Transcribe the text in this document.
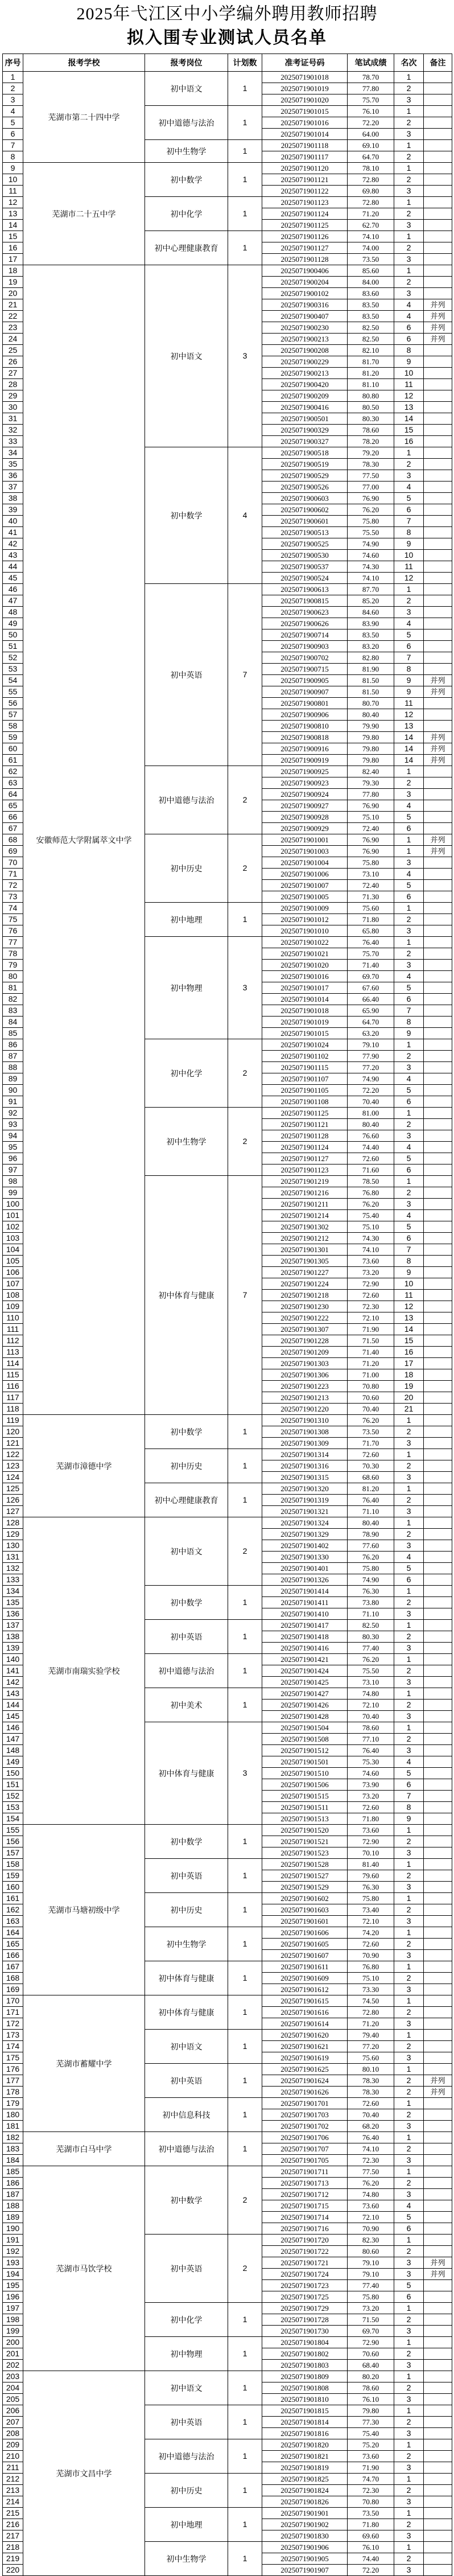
2025年弋江区中小学编外聘用教师招聘
拟入围专业测试人员名单
序号	报考学校	报考岗位	计划数	准考证号码	笔试成绩	名次	备注
1	芜湖市第二十四中学	初中语文	1	2025071901018	78.70	1	
2				2025071901019	77.80	2	
3				2025071901020	75.70	3	
4		初中道德与法治	1	2025071901015	76.10	1	
5				2025071901016	72.20	2	
6				2025071901014	64.00	3	
7		初中生物学	1	2025071901118	69.10	1	
8				2025071901117	64.70	2	
9	芜湖市二十五中学	初中数学	1	2025071901120	78.10	1	
10				2025071901121	72.80	2	
11				2025071901122	69.80	3	
12		初中化学	1	2025071901123	72.80	1	
13				2025071901124	71.20	2	
14				2025071901125	62.70	3	
15		初中心理健康教育	1	2025071901126	74.10	1	
16				2025071901127	74.00	2	
17				2025071901128	73.50	3	
18	安徽师范大学附属萃文中学	初中语文	3	2025071900406	85.60	1	
19				2025071900204	84.00	2	
20				2025071900102	83.60	3	
21				2025071900316	83.50	4	并列
22				2025071900407	83.50	4	并列
23				2025071900230	82.50	6	并列
24				2025071900213	82.50	6	并列
25				2025071900208	82.10	8	
26				2025071900229	81.70	9	
27				2025071900213	81.20	10	
28				2025071900420	81.10	11	
29				2025071900209	80.80	12	
30				2025071900416	80.50	13	
31				2025071900501	80.30	14	
32				2025071900329	78.60	15	
33				2025071900327	78.20	16	
34		初中数学	4	2025071900518	79.20	1	
35				2025071900519	78.30	2	
36				2025071900529	77.50	3	
37				2025071900526	77.00	4	
38				2025071900603	76.90	5	
39				2025071900602	76.20	6	
40				2025071900601	75.80	7	
41				2025071900513	75.50	8	
42				2025071900525	74.90	9	
43				2025071900530	74.60	10	
44				2025071900537	74.30	11	
45				2025071900524	74.10	12	
46		初中英语	7	2025071900613	87.70	1	
47				2025071900815	85.20	2	
48				2025071900623	84.60	3	
49				2025071900626	83.90	4	
50				2025071900714	83.50	5	
51				2025071900903	83.20	6	
52				2025071900702	82.80	7	
53				2025071900715	81.90	8	
54				2025071900905	81.50	9	并列
55				2025071900907	81.50	9	并列
56				2025071900801	80.70	11	
57				2025071900906	80.40	12	
58				2025071900810	79.90	13	
59				2025071900818	79.80	14	并列
60				2025071900916	79.80	14	并列
61				2025071900919	79.80	14	并列
62		初中道德与法治	2	2025071900925	82.40	1	
63				2025071900923	79.30	2	
64				2025071900924	77.80	3	
65				2025071900927	76.90	4	
66				2025071900928	75.10	5	
67				2025071900929	72.40	6	
68		初中历史	2	2025071901001	76.90	1	并列
69				2025071901003	76.90	1	并列
70				2025071901004	75.80	3	
71				2025071901006	73.10	4	
72				2025071901007	72.40	5	
73				2025071901005	71.30	6	
74		初中地理	1	2025071901009	75.60	1	
75				2025071901012	71.80	2	
76				2025071901010	65.80	3	
77		初中物理	3	2025071901022	76.40	1	
78				2025071901021	75.70	2	
79				2025071901020	71.40	3	
80				2025071901016	69.70	4	
81				2025071901017	67.60	5	
82				2025071901014	66.40	6	
83				2025071901018	65.90	7	
84				2025071901019	64.70	8	
85				2025071901015	63.20	9	
86		初中化学	2	2025071901024	79.10	1	
87				2025071901102	77.90	2	
88				2025071901115	77.20	3	
89				2025071901107	74.90	4	
90				2025071901105	72.20	5	
91				2025071901108	70.40	6	
92		初中生物学	2	2025071901125	81.00	1	
93				2025071901121	80.40	2	
94				2025071901128	76.60	3	
95				2025071901124	74.40	4	
96				2025071901127	72.60	5	
97				2025071901123	71.60	6	
98		初中体育与健康	7	2025071901219	78.50	1	
99				2025071901216	76.80	2	
100				2025071901211	76.20	3	
101				2025071901214	75.40	4	
102				2025071901302	75.10	5	
103				2025071901212	74.30	6	
104				2025071901301	74.10	7	
105				2025071901305	73.60	8	
106				2025071901227	73.20	9	
107				2025071901224	72.90	10	
108				2025071901218	72.60	11	
109				2025071901230	72.30	12	
110				2025071901222	72.10	13	
111				2025071901307	71.90	14	
112				2025071901228	71.50	15	
113				2025071901209	71.40	16	
114				2025071901303	71.20	17	
115				2025071901306	71.00	18	
116				2025071901223	70.80	19	
117				2025071901213	70.60	20	
118				2025071901220	70.40	21	
119	芜湖市漳德中学	初中数学	1	2025071901310	76.20	1	
120				2025071901308	73.50	2	
121				2025071901309	71.70	3	
122		初中历史	1	2025071901314	72.60	1	
123				2025071901316	70.30	2	
124				2025071901315	68.60	3	
125		初中心理健康教育	1	2025071901320	81.20	1	
126				2025071901319	76.40	2	
127				2025071901321	71.10	3	
128	芜湖市南瑞实验学校	初中语文	2	2025071901324	80.40	1	
129				2025071901329	78.90	2	
130				2025071901402	77.60	3	
131				2025071901330	76.20	4	
132				2025071901401	75.80	5	
133				2025071901326	74.90	6	
134		初中数学	1	2025071901414	76.30	1	
135				2025071901411	73.80	2	
136				2025071901410	71.10	3	
137		初中英语	1	2025071901417	82.50	1	
138				2025071901418	80.30	2	
139				2025071901416	77.40	3	
140		初中道德与法治	1	2025071901421	76.20	1	
141				2025071901424	75.50	2	
142				2025071901425	73.10	3	
143		初中美术	1	2025071901427	74.80	1	
144				2025071901426	72.10	2	
145				2025071901428	70.40	3	
146		初中体育与健康	3	2025071901504	78.60	1	
147				2025071901508	77.10	2	
148				2025071901512	76.40	3	
149				2025071901501	75.30	4	
150				2025071901510	74.60	5	
151				2025071901506	73.90	6	
152				2025071901515	73.20	7	
153				2025071901511	72.60	8	
154				2025071901513	71.80	9	
155	芜湖市马塘初级中学	初中数学	1	2025071901520	73.60	1	
156				2025071901521	72.90	2	
157				2025071901523	70.10	3	
158		初中英语	1	2025071901528	81.40	1	
159				2025071901527	79.60	2	
160				2025071901529	76.30	3	
161		初中历史	1	2025071901602	75.80	1	
162				2025071901603	73.40	2	
163				2025071901601	72.10	3	
164		初中生物学	1	2025071901606	74.20	1	
165				2025071901605	72.60	2	
166				2025071901607	70.90	3	
167		初中体育与健康	1	2025071901611	76.80	1	
168				2025071901609	75.10	2	
169				2025071901612	73.30	3	
170	芜湖市蓄耀中学	初中体育与健康	1	2025071901615	74.50	1	
171				2025071901616	72.80	2	
172				2025071901614	71.20	3	
173		初中语文	1	2025071901620	79.40	1	
174				2025071901621	77.20	2	
175				2025071901619	75.60	3	
176		初中英语	1	2025071901625	80.10	1	
177				2025071901624	78.30	2	并列
178				2025071901626	78.30	2	并列
179		初中信息科技	1	2025071901701	72.60	1	
180				2025071901703	70.40	2	
181				2025071901702	68.20	3	
182	芜湖市白马中学	初中道德与法治	1	2025071901706	76.40	1	
183				2025071901707	74.10	2	
184				2025071901705	72.30	3	
185	芜湖市马饮学校	初中数学	2	2025071901711	77.50	1	
186				2025071901713	76.20	2	
187				2025071901712	74.80	3	
188				2025071901715	73.60	4	
189				2025071901714	72.10	5	
190				2025071901716	70.90	6	
191		初中英语	2	2025071901720	82.30	1	
192				2025071901722	80.60	2	
193				2025071901721	79.10	3	并列
194				2025071901724	79.10	3	并列
195				2025071901723	77.40	5	
196				2025071901725	75.80	6	
197		初中化学	1	2025071901729	73.20	1	
198				2025071901728	71.50	2	
199				2025071901730	69.70	3	
200		初中物理	1	2025071901804	72.90	1	
201				2025071901802	70.60	2	
202				2025071901803	68.40	3	
203	芜湖市文昌中学	初中语文	1	2025071901809	80.20	1	
204				2025071901808	78.60	2	
205				2025071901810	76.10	3	
206		初中英语	1	2025071901815	79.80	1	
207				2025071901814	77.30	2	
208				2025071901816	75.40	3	
209		初中道德与法治	1	2025071901820	75.20	1	
210				2025071901821	73.60	2	
211				2025071901819	71.90	3	
212		初中历史	1	2025071901825	74.70	1	
213				2025071901824	72.30	2	
214				2025071901826	70.80	3	
215		初中地理	1	2025071901901	73.50	1	
216				2025071901902	71.80	2	
217				2025071901830	69.60	3	
218		初中生物学	1	2025071901906	76.10	1	
219				2025071901905	74.40	2	
220				2025071901907	72.20	3	
